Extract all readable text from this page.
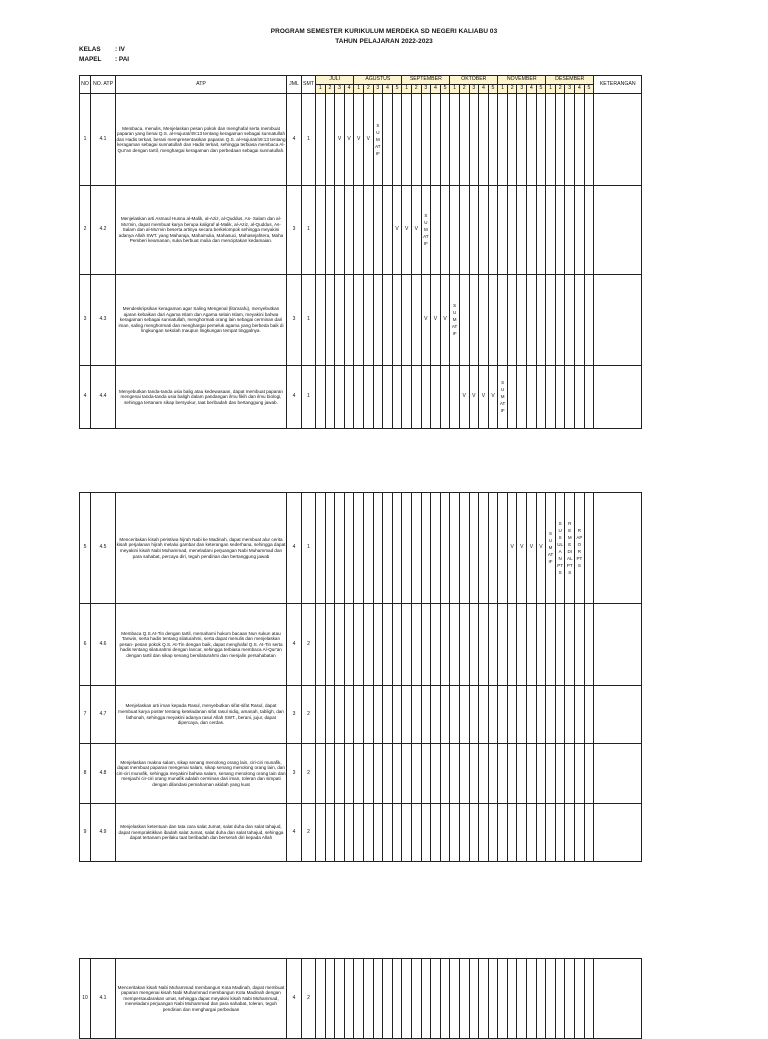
PROGRAM SEMESTER KURIKULUM MERDEKA SD NEGERI KALIABU 03
TAHUN PELAJARAN 2022-2023
KELAS : IV
MAPEL : PAI
NO	NO. ATP	ATP	JML	SMT	JULI				AGUSTUS					SEPTEMBER					OKTOBER					NOVEMBER					DESEMBER					KETERANGAN
					1	2	3	4	1	2	3	4	5	1	2	3	4	5	1	2	3	4	5	1	2	3	4	5	1	2	3	4	5	
1	4.1	Membaca, menulis, Menjelaskan pesan pokok dan menghafal serta membuat paparan yang benai Q.S. al-Hujurat/49:13 tentang keragaman sebagai sunnatullah dan Hadis terkait, berani mempresentasikan paparan Q.S. al-Hujurat/49:13 tentang keragaman sebagai sunnatullah dan Hadis terkait, sehingga terbiasa membaca Al-Qur'an dengan tartil, menghargai keragaman dan perbedaan sebagai sunnatullah.	4	1			V	V	V	V	SUMATIF																							
2	4.2	Menjelaskan arti Asmaul Husna al-Malik, al-Aziz, al-Quddus, As- Salam dan al-Mu'min, dapat membuat karya berupa kaligraf al-Malik, al-Aziz, al-Quddus, As-Salam dan al-Mu'min beserta artinya secara berkelompok sehingga meyakini adanya Allah SWT. yang Maharaja, Mahamulia, Mahasuci, Mahasejahtera, Maha Pemberi keamanan, suka berbuat mulia dan menciptakan kedamaian.	3	1									V	V	V	SUMATIF																		
3	4.3	Mendeskripsikan keragaman agar Saling Mengenal (lita'arafu), menyebutkan ajaran kebaikan dari Agama Islam dan Agama selain Islam, meyakini bahwa keragaman sebagai sunnatullah, menghormati orang lain sebagai cerminan dari iman, saling menghormati dan menghargai pemeluk agama yang berbeda baik di lingkungan sekolah maupun lingkungan tempat tinggalnya.	3	1												V	V	V	SUMATIF															
4	4.4	Menyebutkan tanda-tanda usia balig atau kedewasaan, dapat membuat paparan mengenai tanda-tanda usia baligh dalam pandangan ilmu fikih dan ilmu biologi, sehingga tertanam sikap bersyukur, taat beribadah dan bertanggung jawab.	4	1																V	V	V	V	SUMATIF										
5	4.5	Menceritakan kisah peristiwa hijrah Nabi ke Madinah, dapat membuat alur cerita kisah perjalanan hijrah melalui gambar dan keterangan sederhana, sehingga dapat meyakini kisah Nabi Muhammad, meneladani perjuangan Nabi Muhammad dan para sahabat, percaya diri, teguh pendirian dan bertanggung jawab	4	1																					V	V	V	V	SUMATIF	SUSULAN PTS	REMEDIAL PTS	RAPOR PTS		
6	4.6	Membaca Q.S.At-Tin dengan tartil, memahami hukum bacaan Nun sukun atau Tanwin, serta hadis tentang silaturahmi, serta dapat menulis dan menjelaskan pesan- pesan pokok Q.S. At-Tin dengan baik, dapat menghafal Q.S. At-Tin serta hadis tentang silaturahmi dengan lancar, sehingga terbiasa membaca Al-Qur'an dengan tartil dan sikap senang bersilaturahmi dan menjalin persahabatan	4	2																														
7	4.7	Menjelaskan arti iman kepada Rasul, menyebutkan sifat-sifat Rasul, dapat membuat karya poster tentang keteladanan sifat rasul sidiq, amanah, tabligh, dan fathonah, sehingga meyakini adanya rasul Allah SWT., berani, jujur, dapat dipercaya, dan cerdas.	3	2																														
8	4.8	Menjelaskan makna salam, sikap senang menolong orang lain, ciri-ciri munafik, dapat membuat paparan mengenai salam, sikap senang menolong orang lain, dan ciri-ciri munafik, sehingga meyakini bahwa salam, senang menolong orang lain dan menjauhi cir-ciri orang munafik adalah cerminan dari iman, toleran dan simpati dengan dilandasi pemahaman akidah yang kuat	3	2																														
9	4.9	Menjelaskan ketentuan dan tata cara salat Jumat, salat duha dan salat tahajud, dapat mempraktikkan ibadah salat Jumat, salat duha dan salat tahajud, sehingga dapat tertanam perilaku taat beribadah dan berserah diri kepada Allah	4	2																														
10	4.1	Menceritakan kisah Nabi Muhammad membangun Kota Madinah, dapat membuat paparan mengenai kisah Nabi Muhammad membangun Kota Madinah dengan mempersaudarakan umat, sehingga dapat meyakini kisah Nabi Muhammad, meneladani perjuangan Nabi Muhammad dan para sahabat, toleran, teguh pendirian dan menghargai perbedaan	4	2																														
